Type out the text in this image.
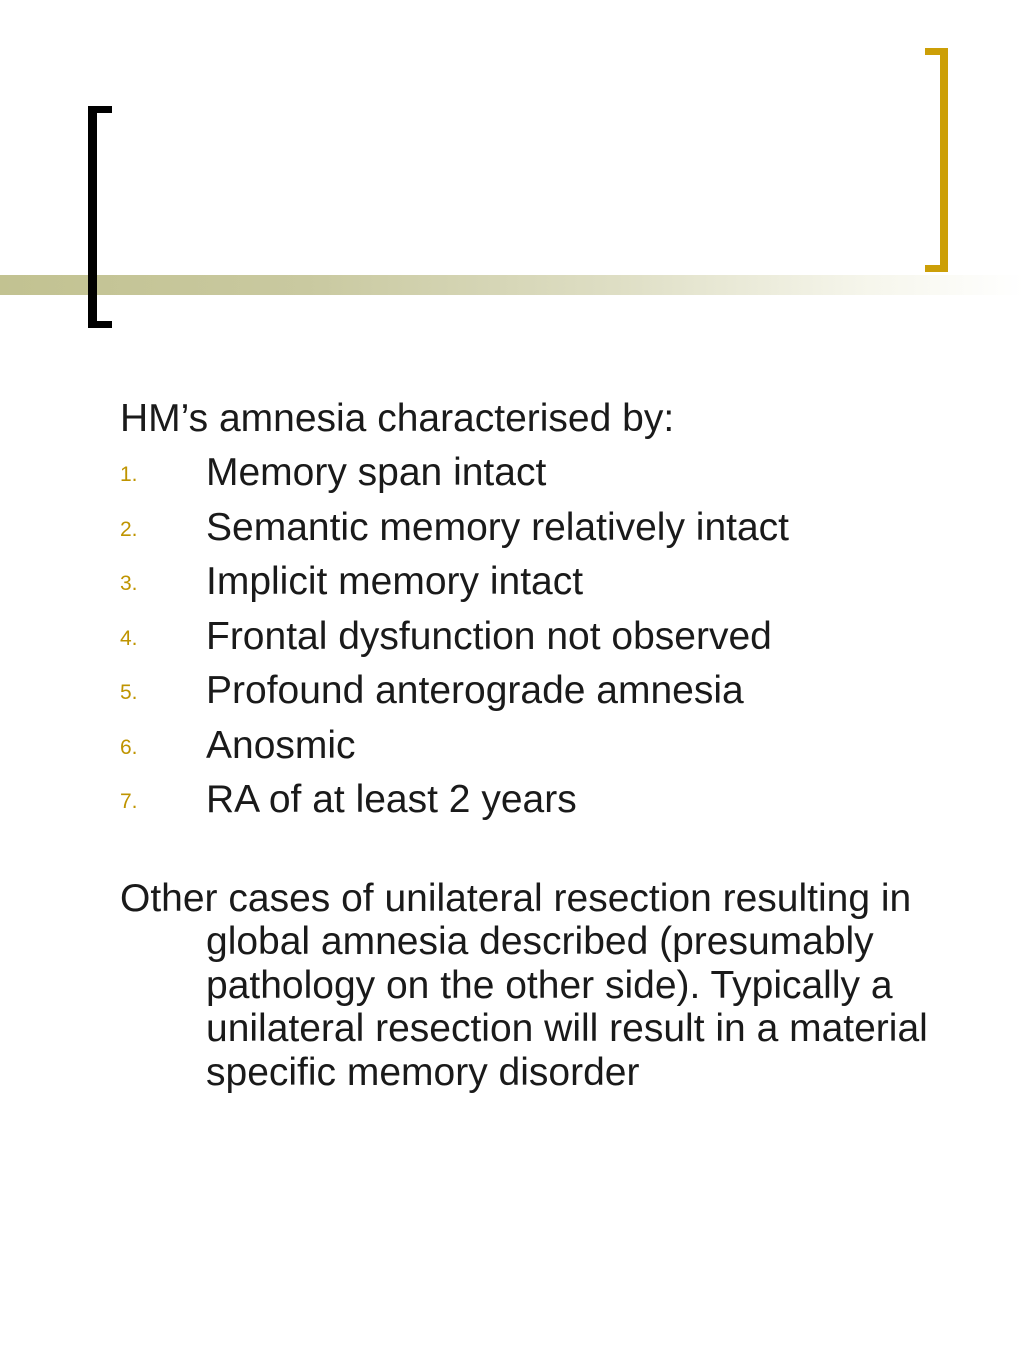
HM’s amnesia characterised by:

1. Memory span intact
2. Semantic memory relatively intact
3. Implicit memory intact
4. Frontal dysfunction not observed
5. Profound anterograde amnesia
6. Anosmic
7. RA of at least 2 years

Other cases of unilateral resection resulting in global amnesia described (presumably pathology on the other side). Typically a unilateral resection will result in a material specific memory disorder
